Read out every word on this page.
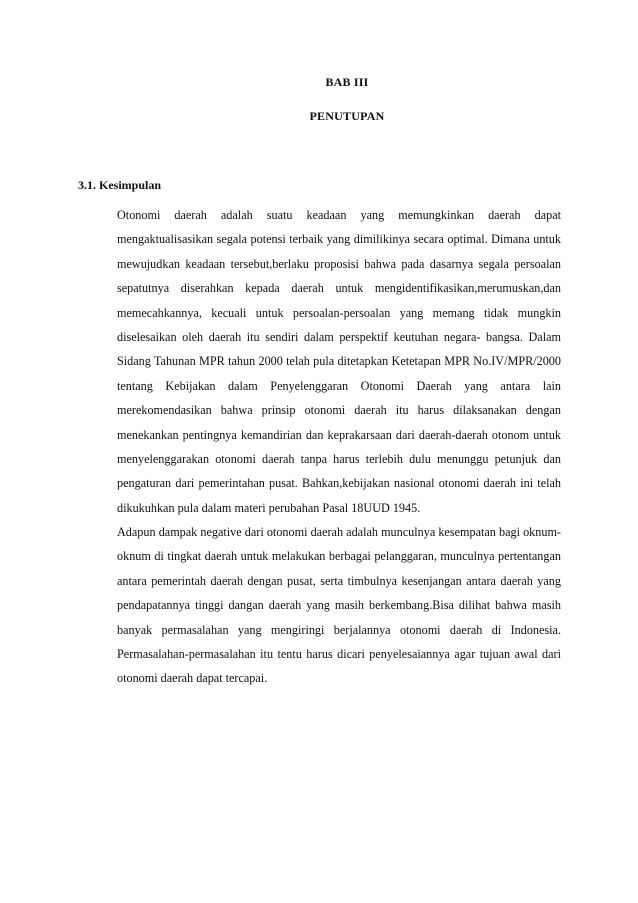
BAB III
PENUTUPAN
3.1. Kesimpulan

Otonomi daerah adalah suatu keadaan yang memungkinkan daerah dapat mengaktualisasikan segala potensi terbaik yang dimilikinya secara optimal. Dimana untuk mewujudkan keadaan tersebut,berlaku proposisi bahwa pada dasarnya segala persoalan sepatutnya diserahkan kepada daerah untuk mengidentifikasikan,merumuskan,dan memecahkannya, kecuali untuk persoalan-persoalan yang memang tidak mungkin diselesaikan oleh daerah itu sendiri dalam perspektif keutuhan negara- bangsa. Dalam Sidang Tahunan MPR tahun 2000 telah pula ditetapkan Ketetapan MPR No.IV/MPR/2000 tentang Kebijakan dalam Penyelenggaran Otonomi Daerah yang antara lain merekomendasikan bahwa prinsip otonomi daerah itu harus dilaksanakan dengan menekankan pentingnya kemandirian dan keprakarsaan dari daerah-daerah otonom untuk menyelenggarakan otonomi daerah tanpa harus terlebih dulu menunggu petunjuk dan pengaturan dari pemerintahan pusat. Bahkan,kebijakan nasional otonomi daerah ini telah dikukuhkan pula dalam materi perubahan Pasal 18UUD 1945.

Adapun dampak negative dari otonomi daerah adalah munculnya kesempatan bagi oknum-oknum di tingkat daerah untuk melakukan berbagai pelanggaran, munculnya pertentangan antara pemerintah daerah dengan pusat, serta timbulnya kesenjangan antara daerah yang pendapatannya tinggi dangan daerah yang masih berkembang.Bisa dilihat bahwa masih banyak permasalahan yang mengiringi berjalannya otonomi daerah di Indonesia. Permasalahan-permasalahan itu tentu harus dicari penyelesaiannya agar tujuan awal dari otonomi daerah dapat tercapai.
